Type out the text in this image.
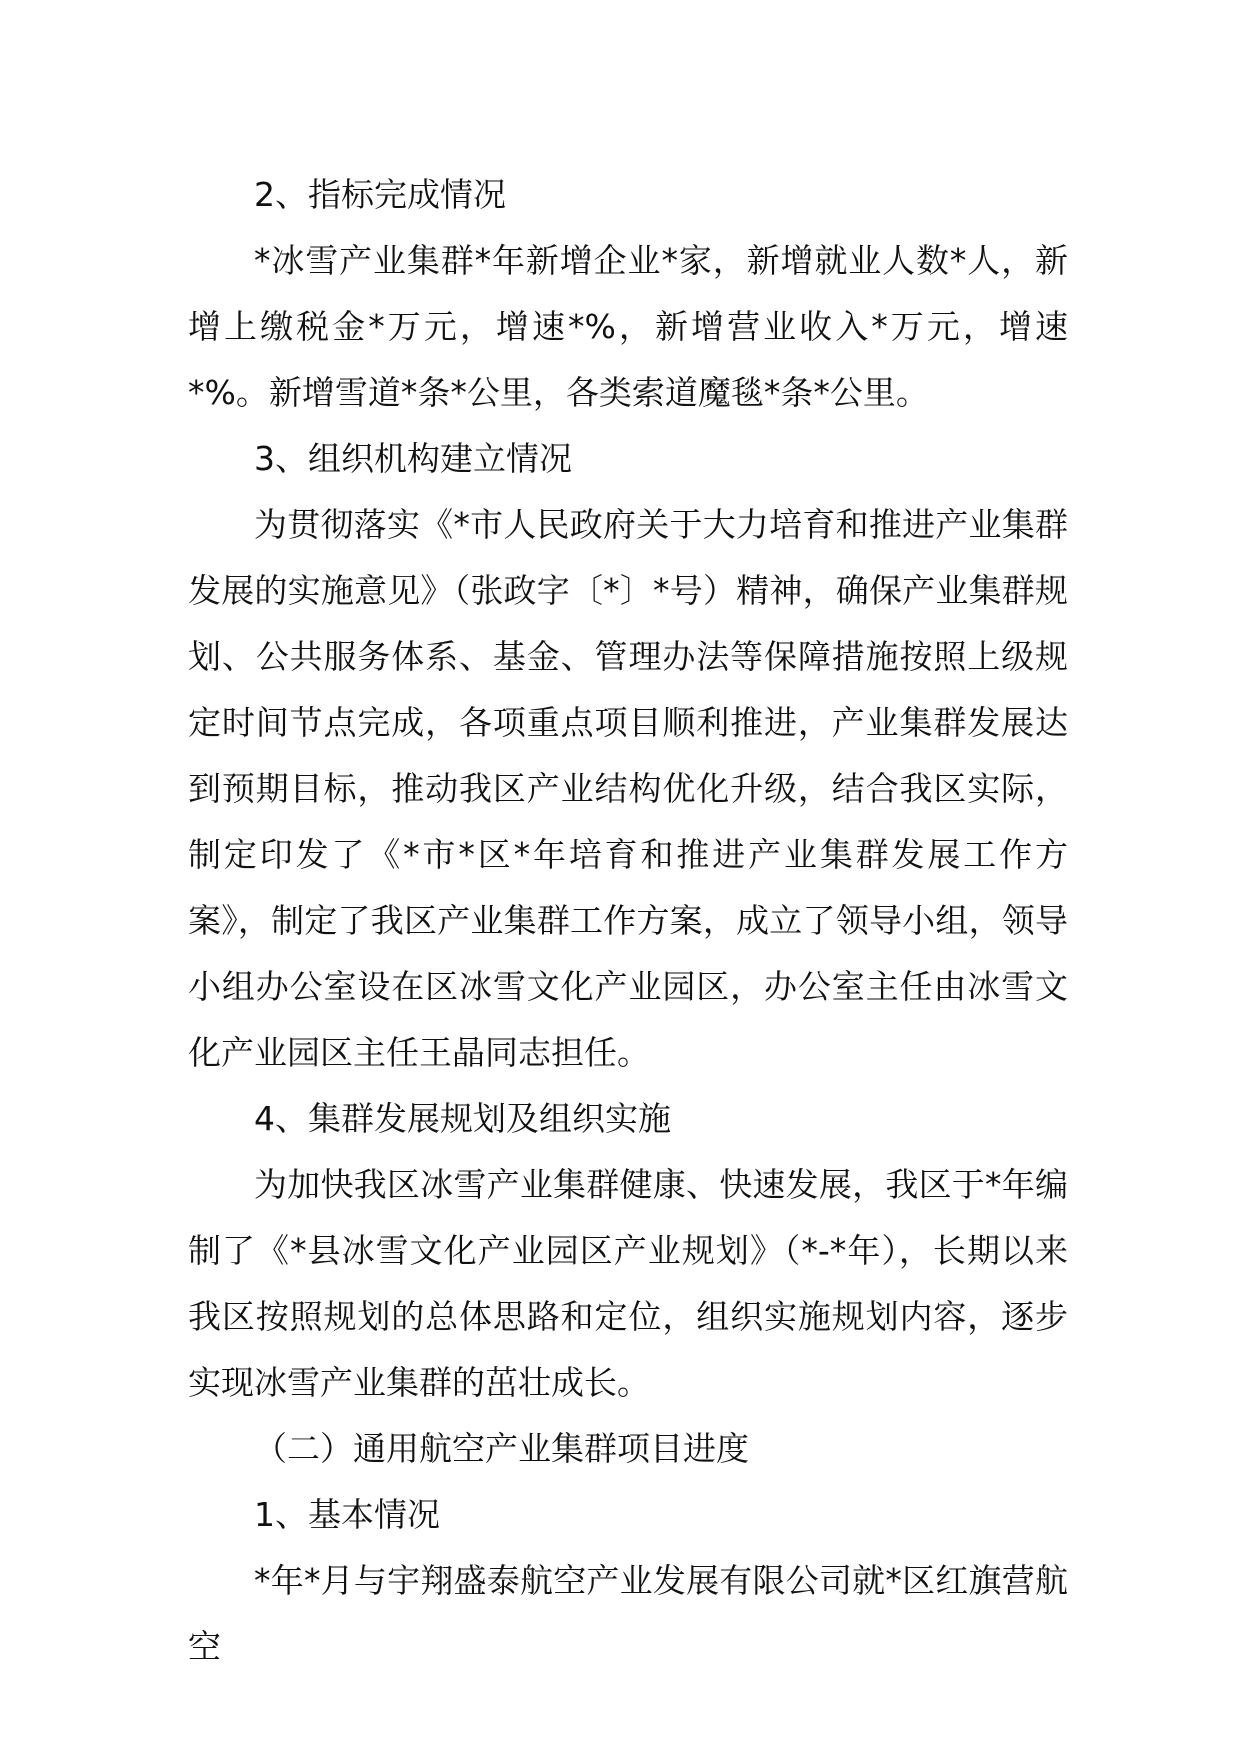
2、指标完成情况

*冰雪产业集群*年新增企业*家，新增就业人数*人，新增上缴税金*万元，增速*%，新增营业收入*万元，增速*%。新增雪道*条*公里，各类索道魔毯*条*公里。

3、组织机构建立情况

为贯彻落实《*市人民政府关于大力培育和推进产业集群发展的实施意见》（张政字〔*〕*号）精神，确保产业集群规划、公共服务体系、基金、管理办法等保障措施按照上级规定时间节点完成，各项重点项目顺利推进，产业集群发展达到预期目标，推动我区产业结构优化升级，结合我区实际，制定印发了《*市*区*年培育和推进产业集群发展工作方案》，制定了我区产业集群工作方案，成立了领导小组，领导小组办公室设在区冰雪文化产业园区，办公室主任由冰雪文化产业园区主任王晶同志担任。

4、集群发展规划及组织实施

为加快我区冰雪产业集群健康、快速发展，我区于*年编制了《*县冰雪文化产业园区产业规划》（*-*年），长期以来我区按照规划的总体思路和定位，组织实施规划内容，逐步实现冰雪产业集群的茁壮成长。

（二）通用航空产业集群项目进度

1、基本情况

*年*月与宇翔盛泰航空产业发展有限公司就*区红旗营航空
